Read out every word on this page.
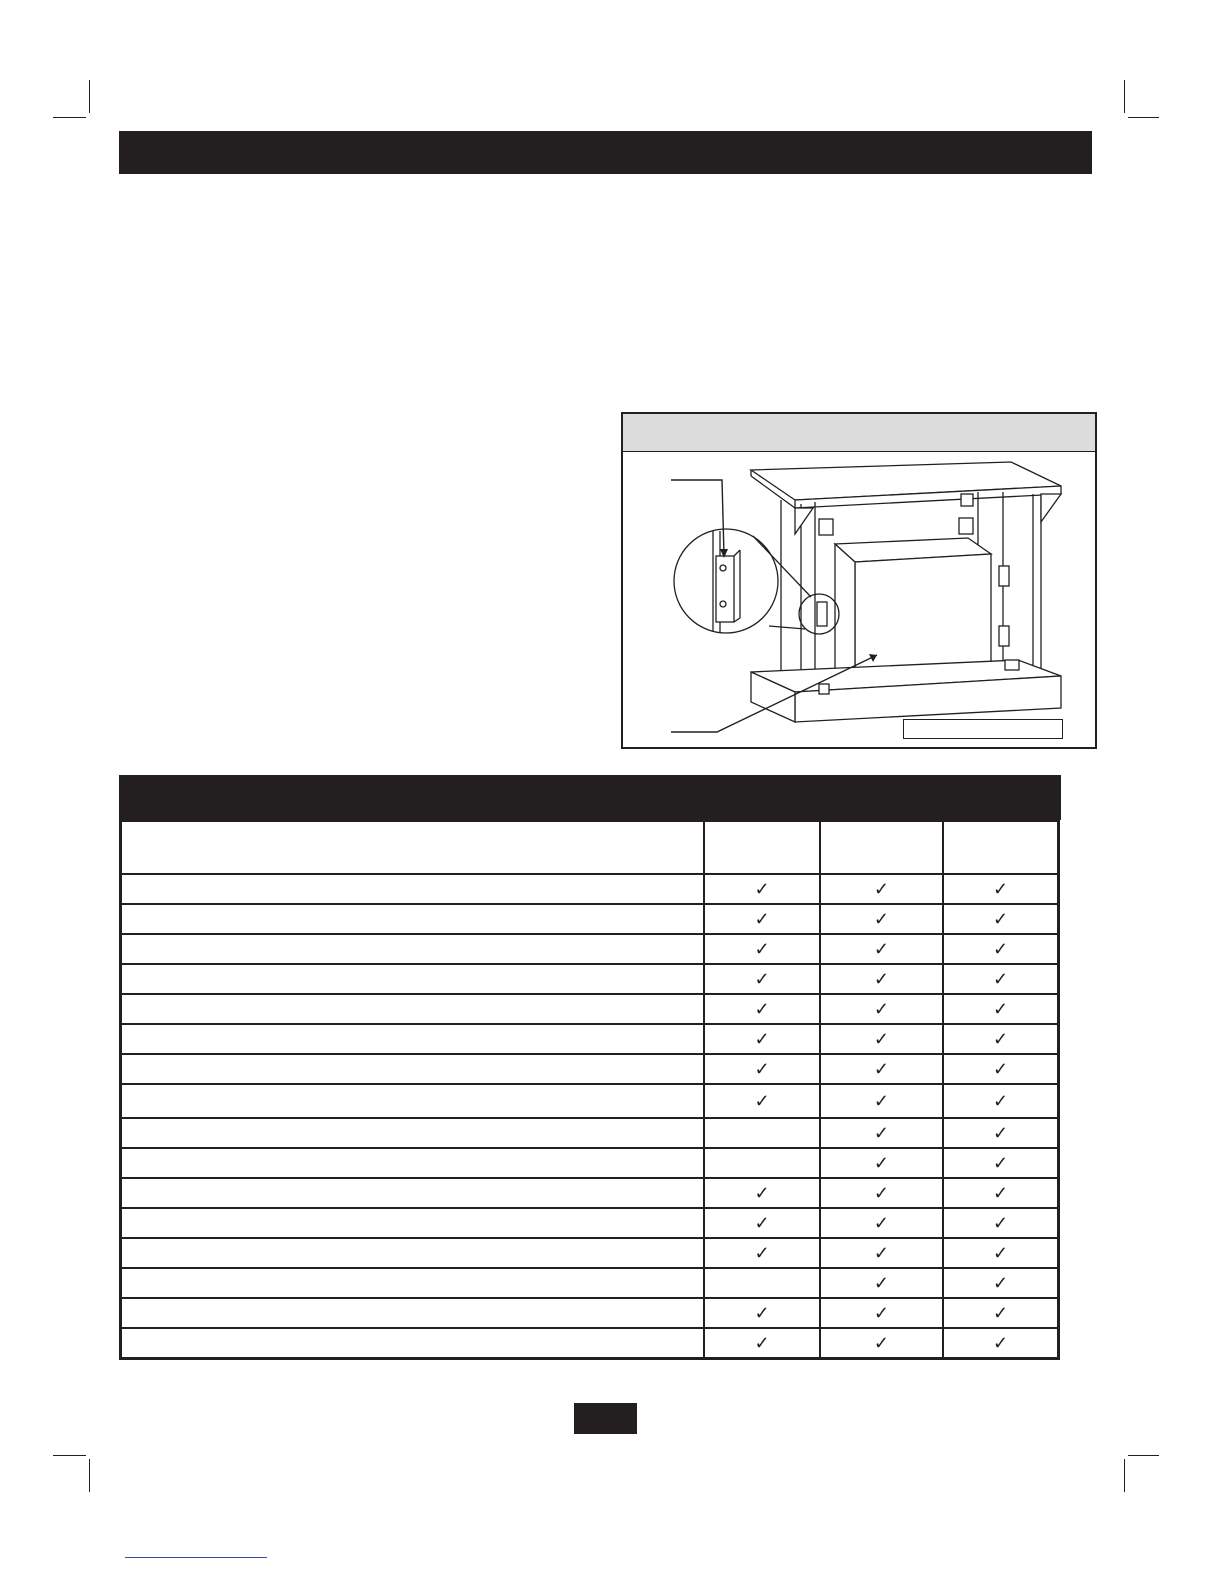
	✓	✓	✓
	✓	✓	✓
	✓	✓	✓
	✓	✓	✓
	✓	✓	✓
	✓	✓	✓
	✓	✓	✓
	✓	✓	✓
		✓	✓
		✓	✓
	✓	✓	✓
	✓	✓	✓
	✓	✓	✓
		✓	✓
	✓	✓	✓
	✓	✓	✓
